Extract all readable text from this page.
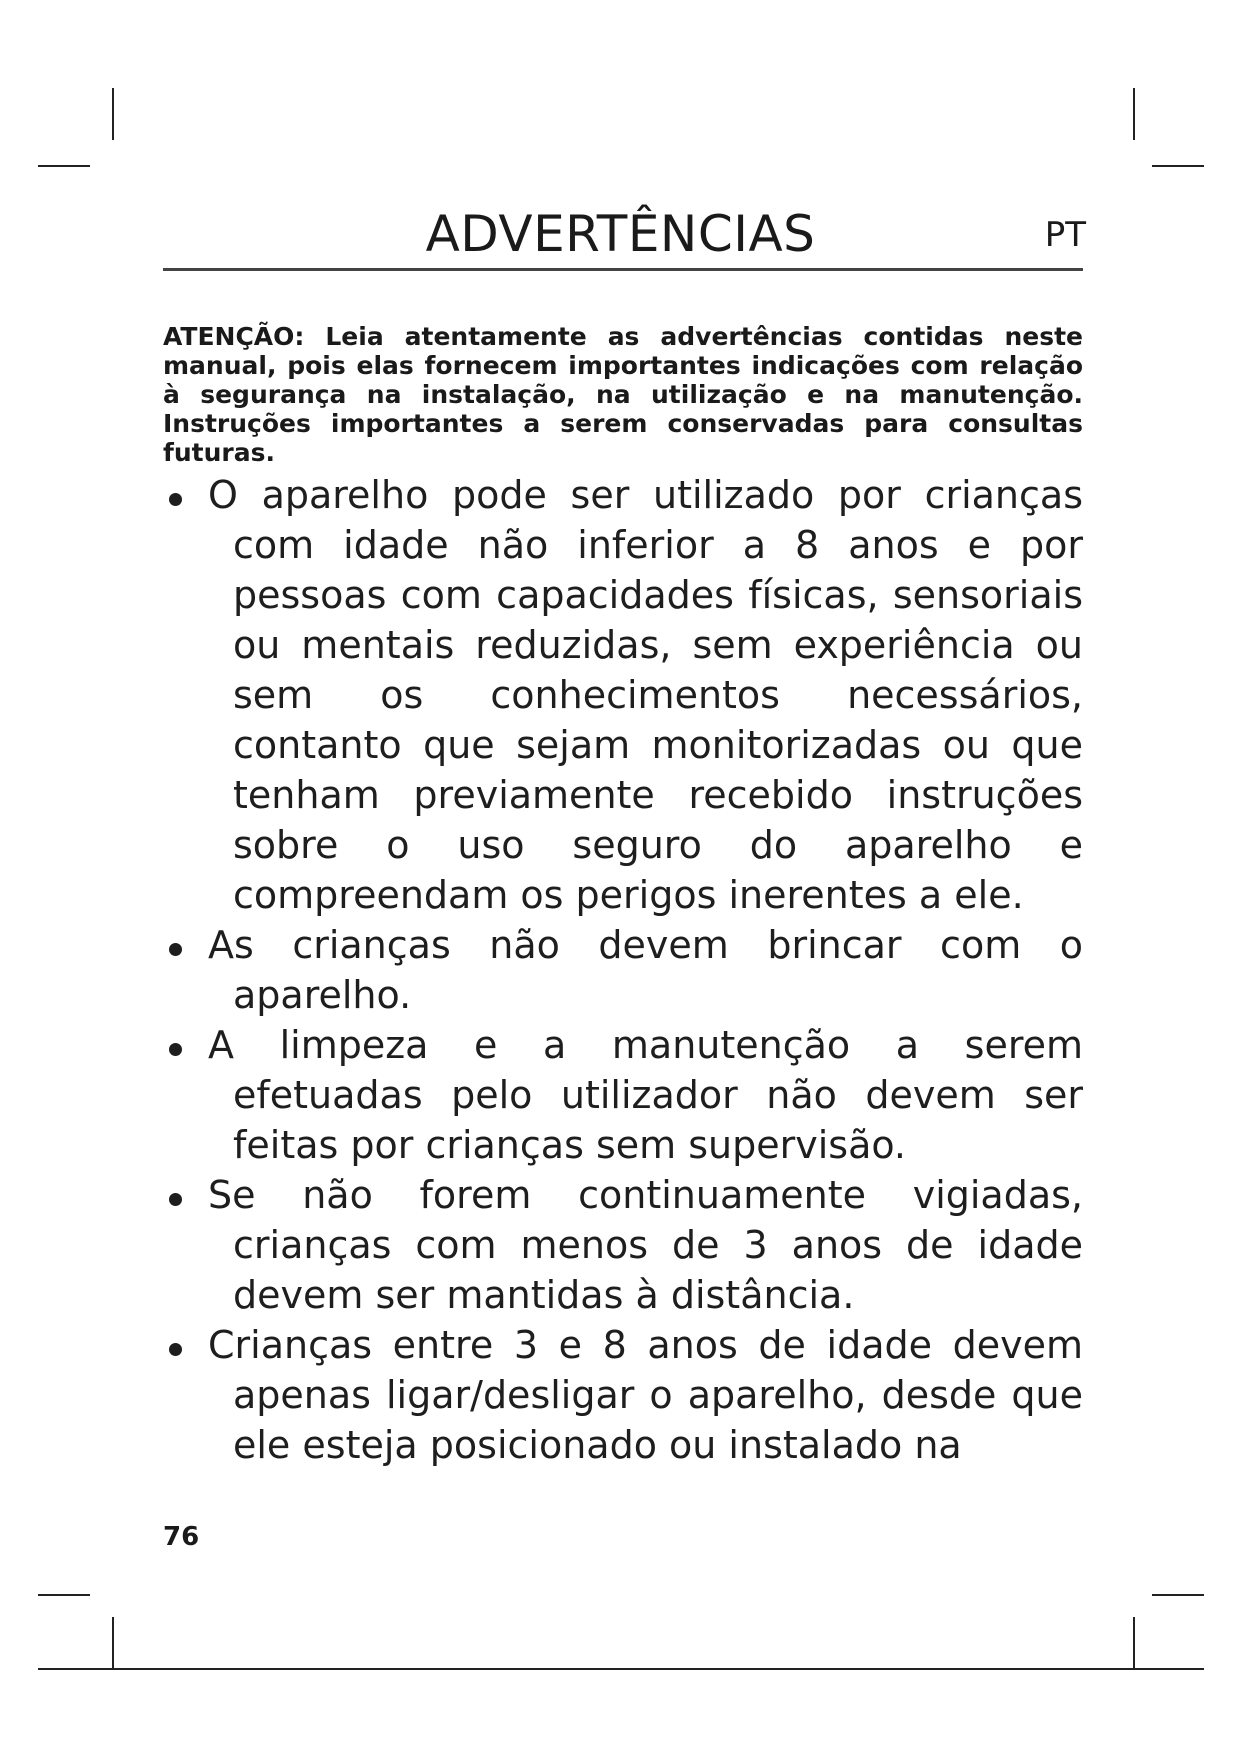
ADVERTÊNCIAS	PT
ATENÇÃO: Leia atentamente as advertências contidas neste manual, pois elas fornecem importantes indicações com relação à segurança na instalação, na utilização e na manutenção. Instruções importantes a serem conservadas para consultas futuras.
O aparelho pode ser utilizado por crianças com idade não inferior a 8 anos e por pessoas com capacidades físicas, sensoriais ou mentais reduzidas, sem experiência ou sem os conhecimentos necessários, contanto que sejam monitorizadas ou que tenham previamente recebido instruções sobre o uso seguro do aparelho e compreendam os perigos inerentes a ele.
As crianças não devem brincar com o aparelho.
A limpeza e a manutenção a serem efetuadas pelo utilizador não devem ser feitas por crianças sem supervisão.
Se não forem continuamente vigiadas, crianças com menos de 3 anos de idade devem ser mantidas à distância.
Crianças entre 3 e 8 anos de idade devem apenas ligar/desligar o aparelho, desde que ele esteja posicionado ou instalado na
76
